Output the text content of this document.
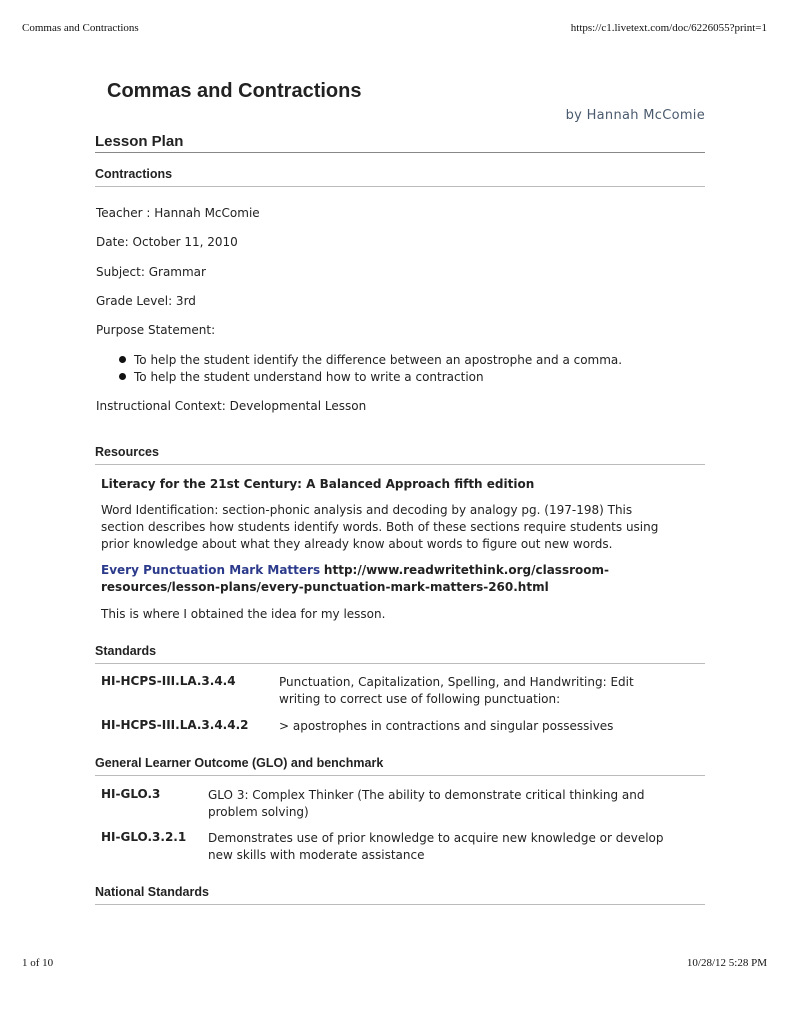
Commas and Contractions	https://c1.livetext.com/doc/6226055?print=1
Commas and Contractions
by Hannah McComie
Lesson Plan
Contractions
Teacher : Hannah McComie
Date: October 11, 2010
Subject: Grammar
Grade Level: 3rd
Purpose Statement:
To help the student identify the difference between an apostrophe and a comma.
To help the student understand how to write a contraction
Instructional Context: Developmental Lesson
Resources
Literacy for the 21st Century: A Balanced Approach fifth edition
Word Identification: section-phonic analysis and decoding by analogy pg. (197-198) This
section describes how students identify words. Both of these sections require students using
prior knowledge about what they already know about words to figure out new words.
Every Punctuation Mark Matters http://www.readwritethink.org/classroom-
resources/lesson-plans/every-punctuation-mark-matters-260.html
This is where I obtained the idea for my lesson.
Standards
HI-HCPS-III.LA.3.4.4	Punctuation, Capitalization, Spelling, and Handwriting: Edit
writing to correct use of following punctuation:
HI-HCPS-III.LA.3.4.4.2	> apostrophes in contractions and singular possessives
General Learner Outcome (GLO) and benchmark
HI-GLO.3	GLO 3: Complex Thinker (The ability to demonstrate critical thinking and
problem solving)
HI-GLO.3.2.1 Demonstrates use of prior knowledge to acquire new knowledge or develop
new skills with moderate assistance
National Standards
1 of 10	10/28/12 5:28 PM
